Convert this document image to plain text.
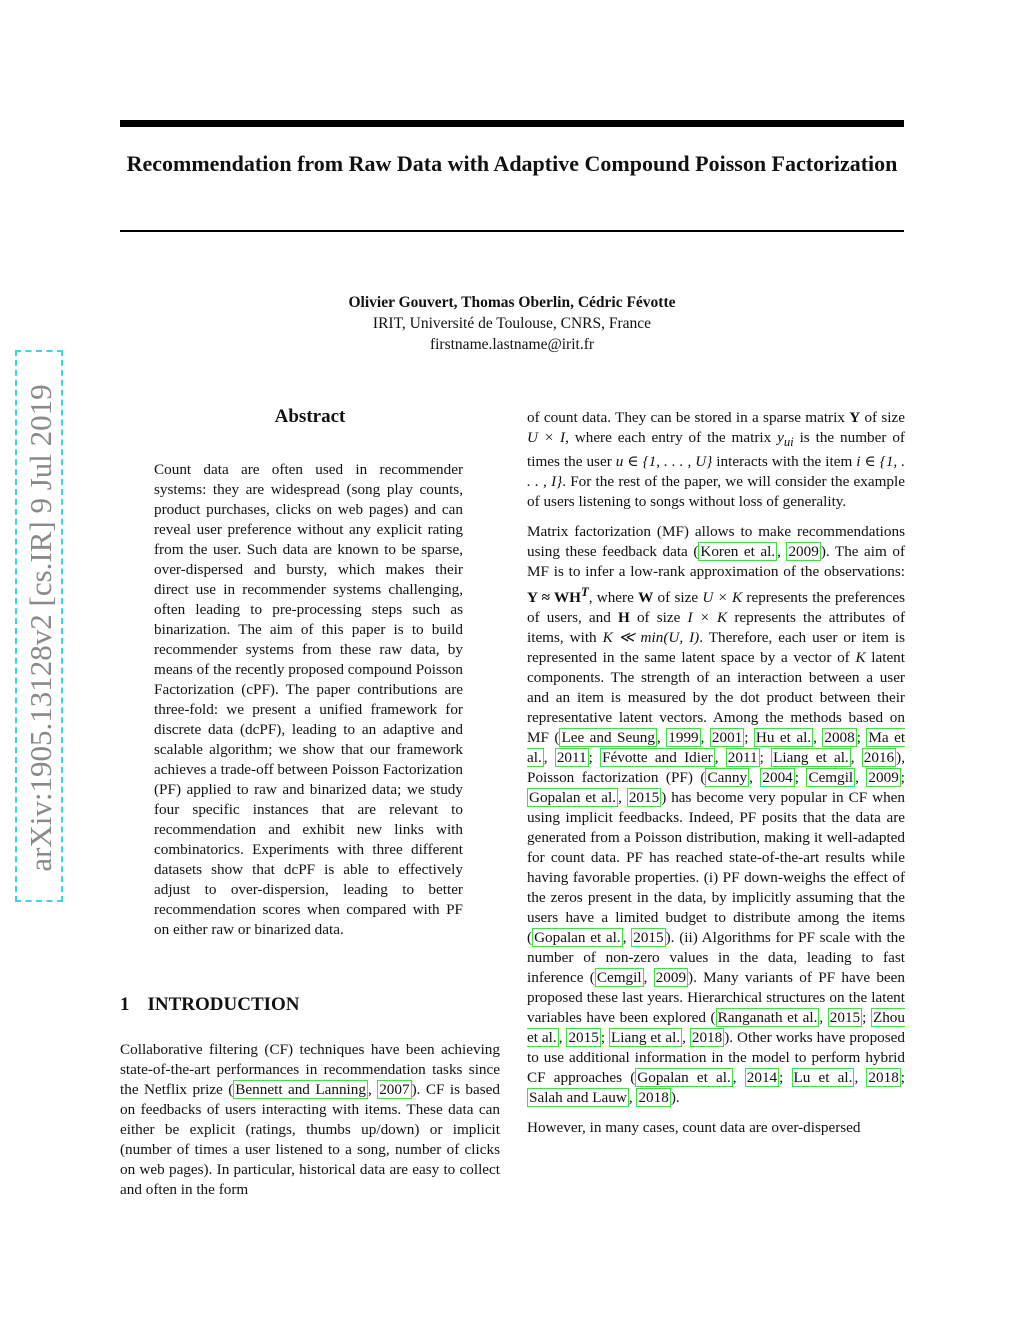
Recommendation from Raw Data with Adaptive Compound Poisson Factorization
Olivier Gouvert, Thomas Oberlin, Cédric Févotte
IRIT, Université de Toulouse, CNRS, France
firstname.lastname@irit.fr
arXiv:1905.13128v2 [cs.IR] 9 Jul 2019	Abstract
Count data are often used in recommender systems: they are widespread (song play counts, product purchases, clicks on web pages) and can reveal user preference without any explicit rating from the user. Such data are known to be sparse, over-dispersed and bursty, which makes their direct use in recommender systems challenging, often leading to pre-processing steps such as binarization. The aim of this paper is to build recommender systems from these raw data, by means of the recently proposed compound Poisson Factorization (cPF). The paper contributions are three-fold: we present a unified framework for discrete data (dcPF), leading to an adaptive and scalable algorithm; we show that our framework achieves a trade-off between Poisson Factorization (PF) applied to raw and binarized data; we study four specific instances that are relevant to recommendation and exhibit new links with combinatorics. Experiments with three different datasets show that dcPF is able to effectively adjust to over-dispersion, leading to better recommendation scores when compared with PF on either raw or binarized data.
1 INTRODUCTION

Collaborative filtering (CF) techniques have been achieving state-of-the-art performances in recommendation tasks since the Netflix prize ( Bennett and Lanning , 2007 ). CF is based on feedbacks of users interacting with items. These data can either be explicit (ratings, thumbs up/down) or implicit (number of times a user listened to a song, number of clicks on web pages). In particular, historical data are easy to collect and often in the form

of count data. They can be stored in a sparse matrix Y of size U × I, where each entry of the matrix $y_{ui}$ is the number of times the user u ∈ {1, . . . , U} interacts with the item i ∈ {1, . . . , I}. For the rest of the paper, we will consider the example of users listening to songs without loss of generality.

Matrix factorization (MF) allows to make recommendations using these feedback data ( Koren et al. , 2009 ). The aim of MF is to infer a low-rank approximation of the observations: $Y \approx WH^T$, where W of size U × K represents the preferences of users, and H of size I × K represents the attributes of items, with K ≪ min(U, I). Therefore, each user or item is represented in the same latent space by a vector of K latent components. The strength of an interaction between a user and an item is measured by the dot product between their representative latent vectors. Among the methods based on MF ( Lee and Seung , 1999 , 2001 ; Hu et al. , 2008 ; Ma et al. , 2011 ; Févotte and Idier , 2011 ; Liang et al. , 2016 ), Poisson factorization (PF) ( Canny , 2004 ; Cemgil , 2009 ; Gopalan et al. , 2015 ) has become very popular in CF when using implicit feedbacks. Indeed, PF posits that the data are generated from a Poisson distribution, making it well-adapted for count data. PF has reached state-of-the-art results while having favorable properties. (i) PF down-weighs the effect of the zeros present in the data, by implicitly assuming that the users have a limited budget to distribute among the items ( Gopalan et al. , 2015 ). (ii) Algorithms for PF scale with the number of non-zero values in the data, leading to fast inference ( Cemgil , 2009 ). Many variants of PF have been proposed these last years. Hierarchical structures on the latent variables have been explored ( Ranganath et al. , 2015 ; Zhou et al. , 2015 ; Liang et al. , 2018 ). Other works have proposed to use additional information in the model to perform hybrid CF approaches ( Gopalan et al. , 2014 ; Lu et al. , 2018 ; Salah and Lauw , 2018 ).

However, in many cases, count data are over-dispersed
